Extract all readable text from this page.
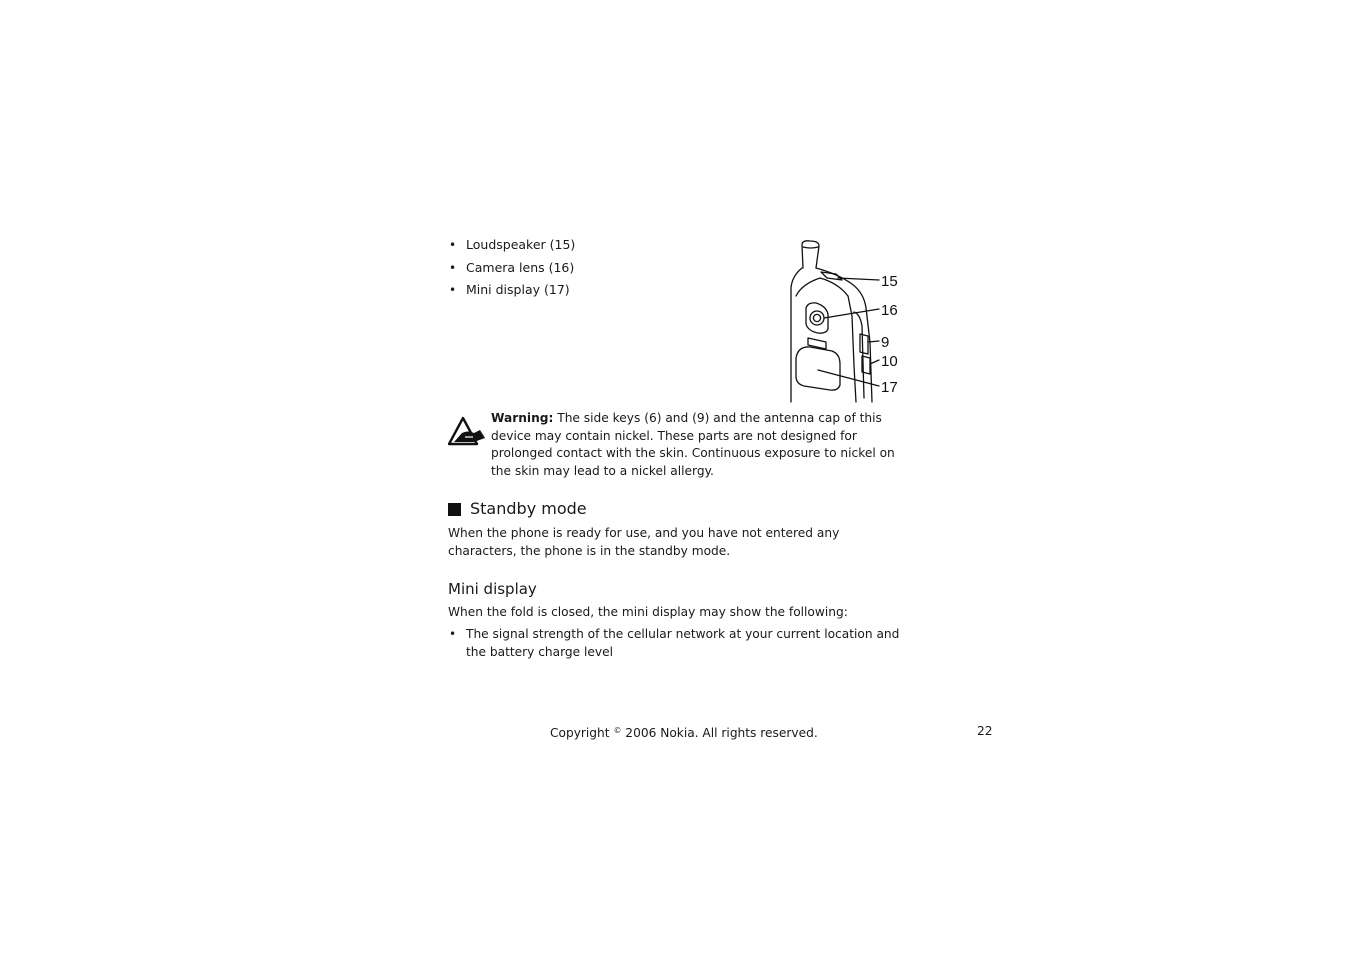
• Loudspeaker (15)
• Camera lens (16)
• Mini display (17)	15
16
9
10
17
Warning: The side keys (6) and (9) and the antenna cap of this device may contain nickel. These parts are not designed for prolonged contact with the skin. Continuous exposure to nickel on the skin may lead to a nickel allergy.
Standby mode

When the phone is ready for use, and you have not entered any characters, the phone is in the standby mode.

Mini display

When the fold is closed, the mini display may show the following:

• The signal strength of the cellular network at your current location and the battery charge level
Copyright © 2006 Nokia. All rights reserved.	22
